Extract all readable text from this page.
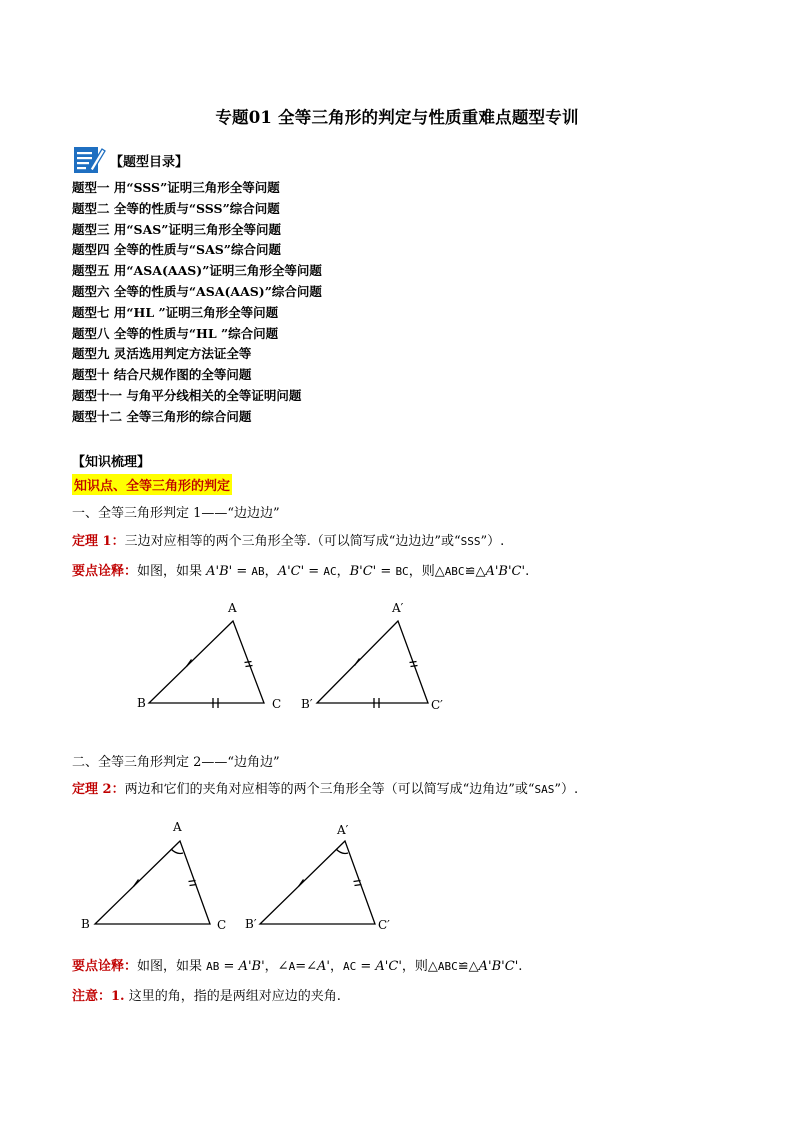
专题01 全等三角形的判定与性质重难点题型专训
【题型目录】
题型一 用“SSS”证明三角形全等问题
题型二 全等的性质与“SSS”综合问题
题型三 用“SAS”证明三角形全等问题
题型四 全等的性质与“SAS”综合问题
题型五 用“ASA(AAS)”证明三角形全等问题
题型六 全等的性质与“ASA(AAS)”综合问题
题型七 用“HL ”证明三角形全等问题
题型八 全等的性质与“HL ”综合问题
题型九 灵活选用判定方法证全等
题型十 结合尺规作图的全等问题
题型十一 与角平分线相关的全等证明问题
题型十二 全等三角形的综合问题
【知识梳理】
知识点、全等三角形的判定
一、全等三角形判定 1——“边边边”
定理 1：三边对应相等的两个三角形全等.（可以简写成“边边边”或“SSS”）.
要点诠释：如图，如果 A'B' = AB，A'C' = AC，B'C' = BC，则△ABC≌△A'B'C'.
二、全等三角形判定 2——“边角边”
定理 2：两边和它们的夹角对应相等的两个三角形全等（可以简写成“边角边”或“SAS”）.
要点诠释：如图，如果 AB = A'B'，∠A=∠A'，AC = A'C'，则△ABC≌△A'B'C'.
注意：1. 这里的角，指的是两组对应边的夹角.
A
B	C
A′
B′	C′
A
B	C
A′
B′	C′
